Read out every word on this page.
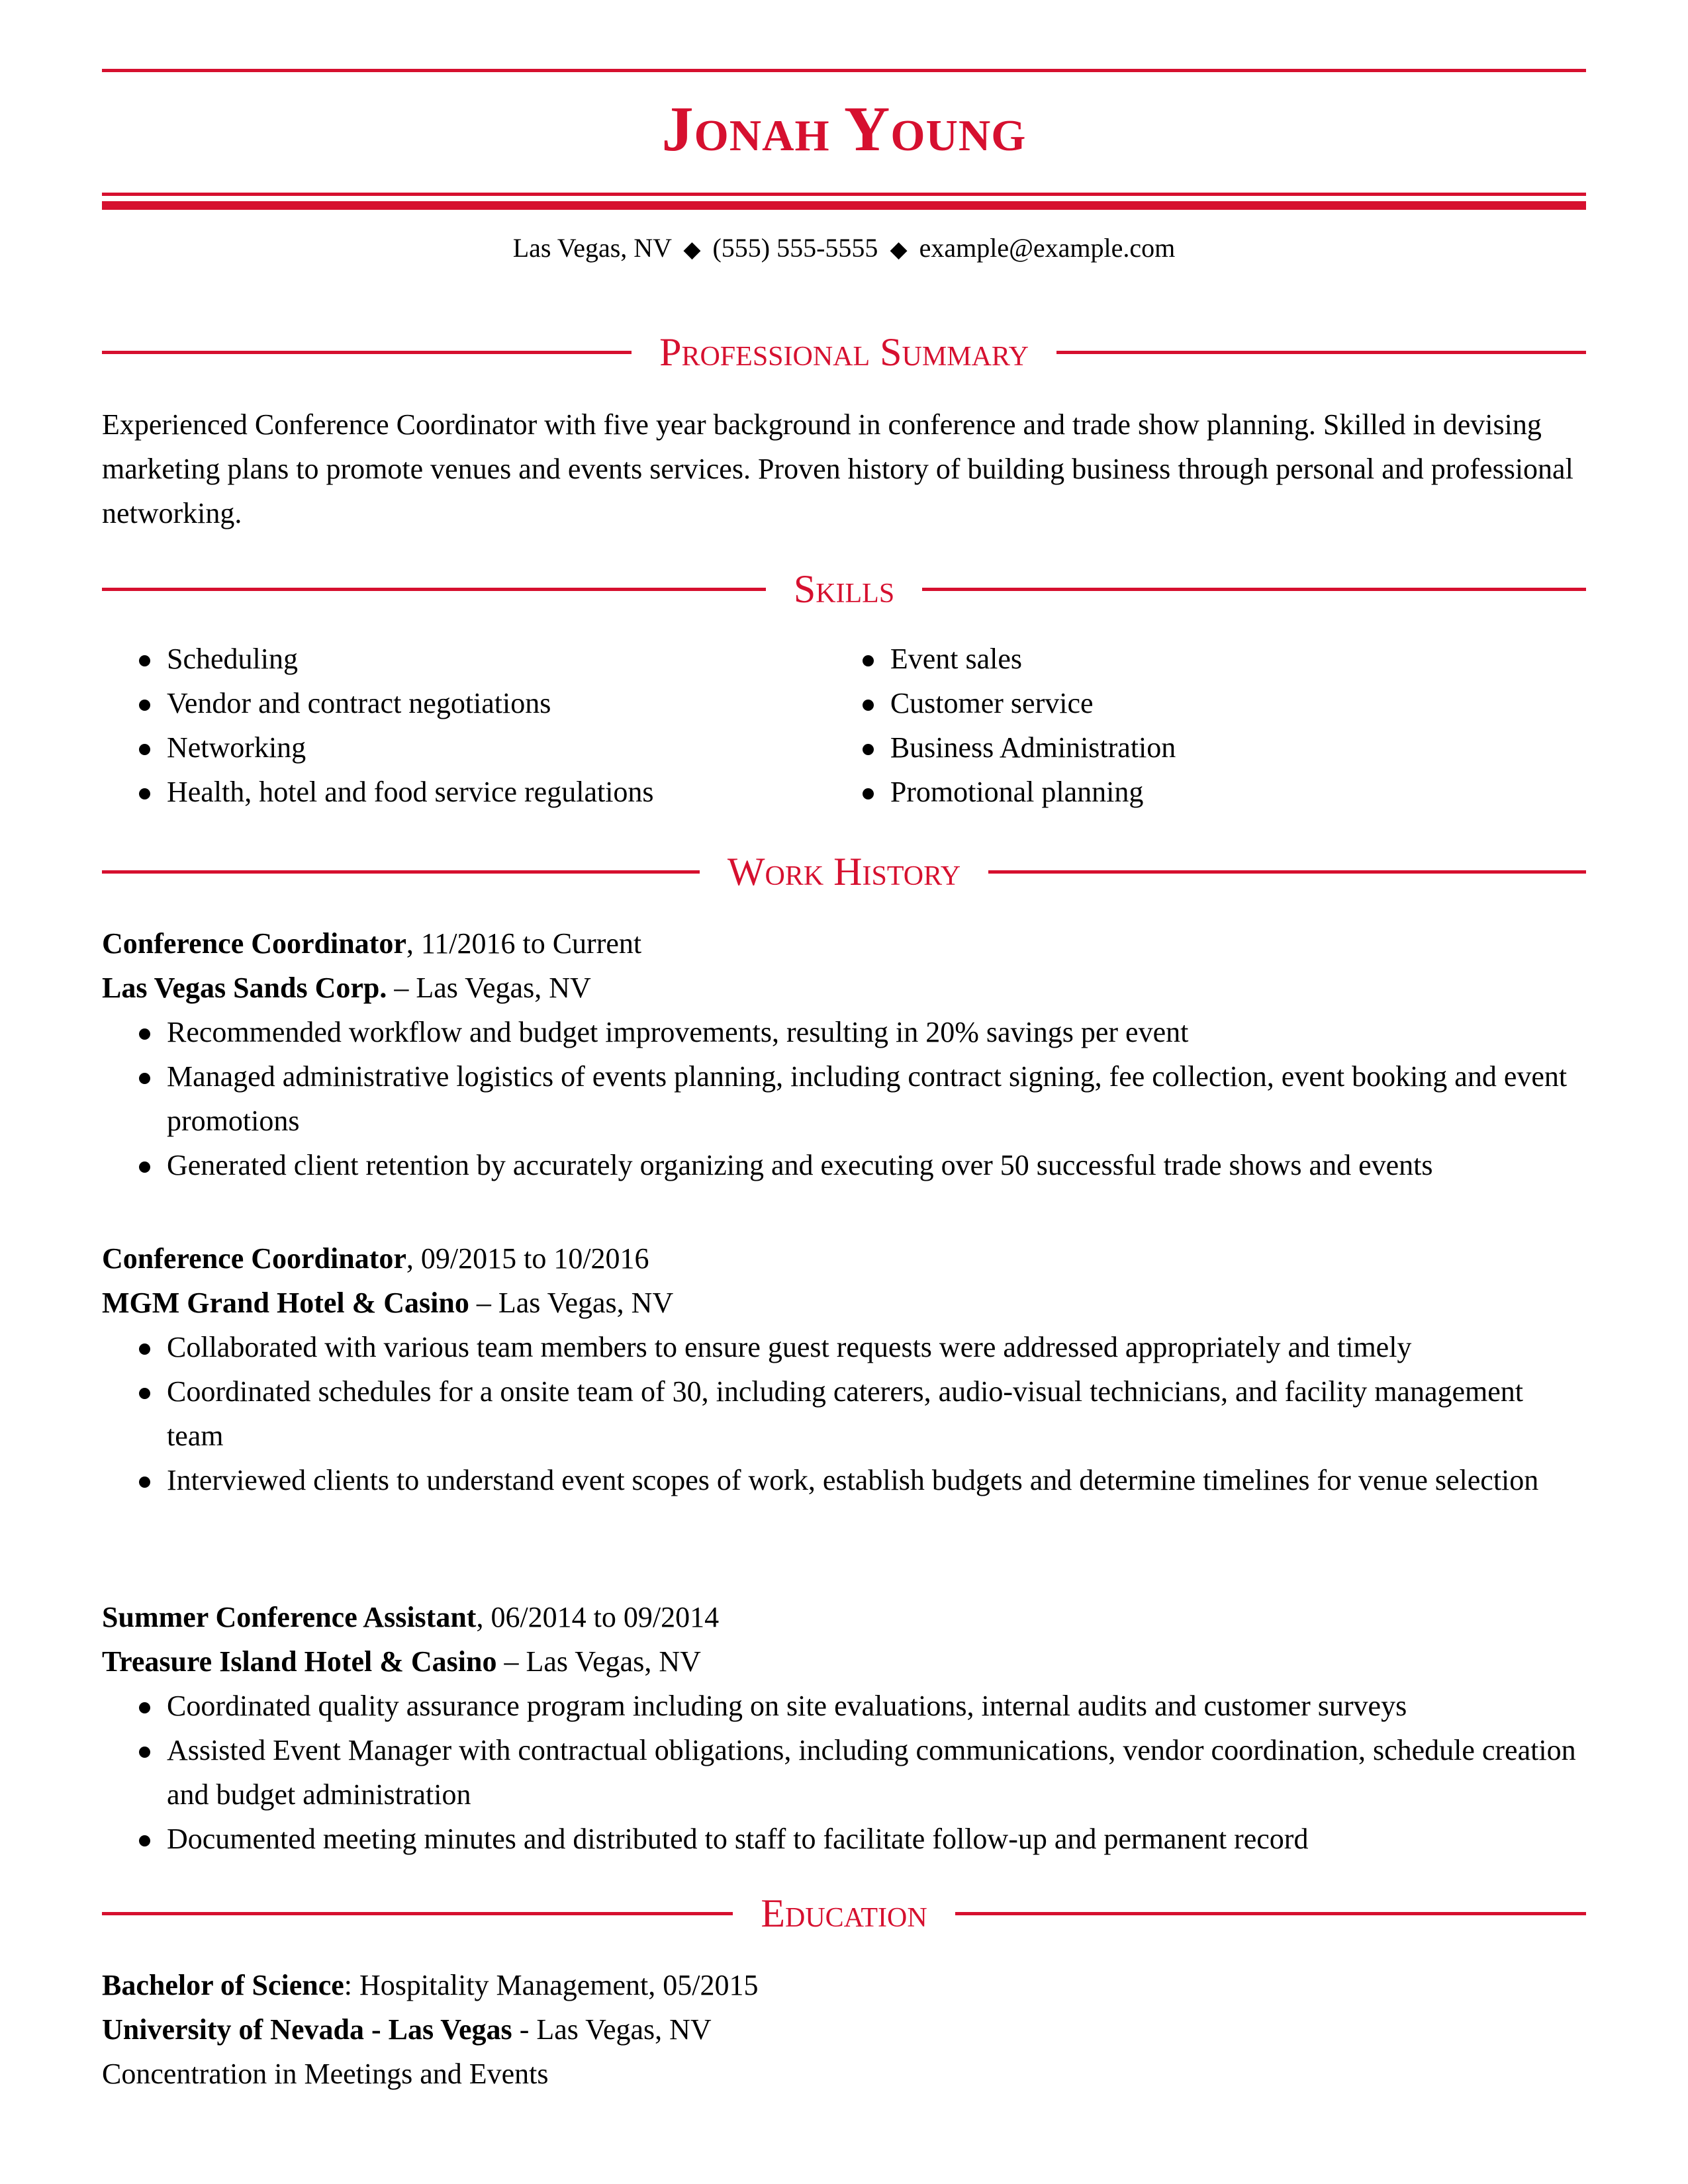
Jonah Young
Las Vegas, NV ◆ (555) 555-5555 ◆ example@example.com
Professional Summary
Experienced Conference Coordinator with five year background in conference and trade show planning. Skilled in devising marketing plans to promote venues and events services. Proven history of building business through personal and professional networking.
Skills
Scheduling
Vendor and contract negotiations
Networking
Health, hotel and food service regulations
Event sales
Customer service
Business Administration
Promotional planning
Work History
Conference Coordinator, 11/2016 to Current
Las Vegas Sands Corp. – Las Vegas, NV
Recommended workflow and budget improvements, resulting in 20% savings per event
Managed administrative logistics of events planning, including contract signing, fee collection, event booking and event promotions
Generated client retention by accurately organizing and executing over 50 successful trade shows and events
Conference Coordinator, 09/2015 to 10/2016
MGM Grand Hotel & Casino – Las Vegas, NV
Collaborated with various team members to ensure guest requests were addressed appropriately and timely
Coordinated schedules for a onsite team of 30, including caterers, audio-visual technicians, and facility management team
Interviewed clients to understand event scopes of work, establish budgets and determine timelines for venue selection
Summer Conference Assistant, 06/2014 to 09/2014
Treasure Island Hotel & Casino – Las Vegas, NV
Coordinated quality assurance program including on site evaluations, internal audits and customer surveys
Assisted Event Manager with contractual obligations, including communications, vendor coordination, schedule creation and budget administration
Documented meeting minutes and distributed to staff to facilitate follow-up and permanent record
Education
Bachelor of Science: Hospitality Management, 05/2015
University of Nevada - Las Vegas - Las Vegas, NV
Concentration in Meetings and Events
